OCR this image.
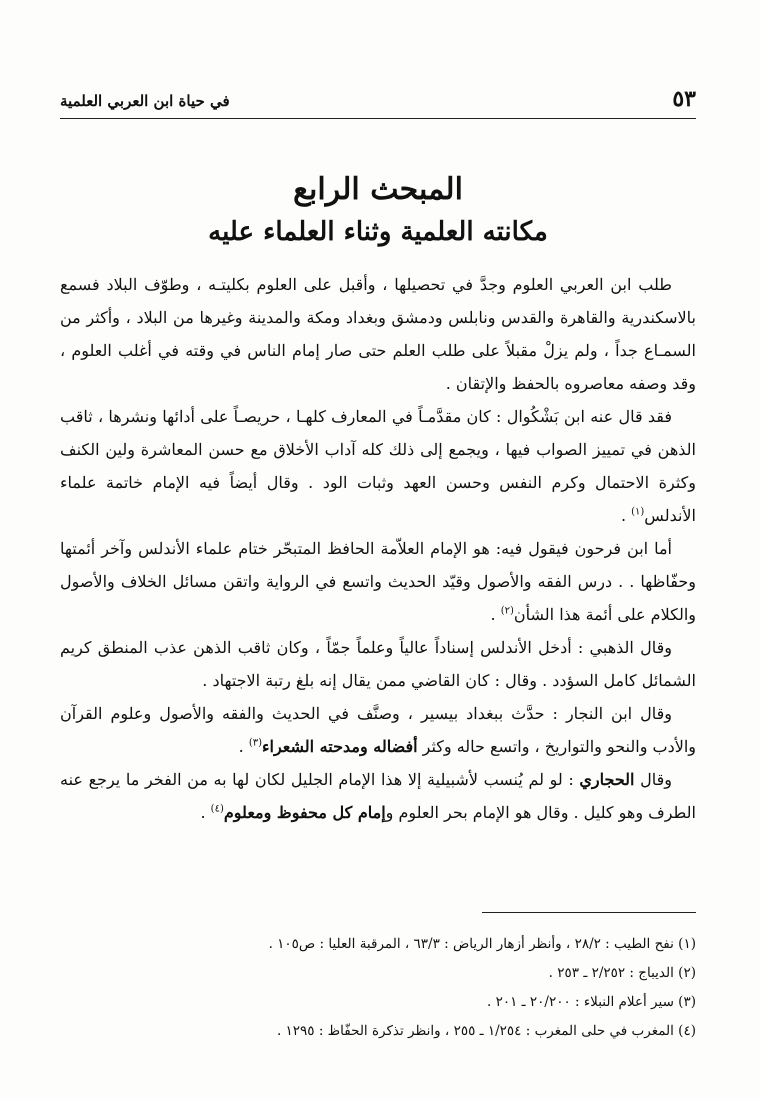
٥٣
في حياة ابن العربي العلمية
المبحث الرابع
مكانته العلمية وثناء العلماء عليه

طلب ابن العربي العلوم وجدَّ في تحصيلها ، وأقبل على العلوم بكليتـه ، وطوّف البلاد فسمع بالاسكندرية والقاهرة والقدس ونابلس ودمشق وبغداد ومكة والمدينة وغيرها من البلاد ، وأكثر من السمـاع جداً ، ولم يزلْ مقبلاً على طلب العلم حتى صار إمام الناس في وقته في أغلب العلوم ، وقد وصفه معاصروه بالحفظ والإتقان .

فقد قال عنه ابن بَشْكُوال : كان مقدَّمـاً في المعارف كلهـا ، حريصـاً على أدائها ونشرها ، ثاقب الذهن في تمييز الصواب فيها ، ويجمع إلى ذلك كله آداب الأخلاق مع حسن المعاشرة ولين الكنف وكثرة الاحتمال وكرم النفس وحسن العهد وثبات الود . وقال أيضاً فيه الإمام خاتمة علماء الأندلس$^{(١)}$ .

أما ابن فرحون فيقول فيه: هو الإمام العلاّمة الحافظ المتبحّر ختام علماء الأندلس وآخر أئمتها وحفّاظها . . درس الفقه والأصول وقيّد الحديث واتسع في الرواية واتقن مسائل الخلاف والأصول والكلام على أئمة هذا الشأن$^{(٢)}$ .

وقال الذهبي : أدخل الأندلس إسناداً عالياً وعلماً جمّاً ، وكان ثاقب الذهن عذب المنطق كريم الشمائل كامل السؤدد . وقال : كان القاضي ممن يقال إنه بلغ رتبة الاجتهاد .

وقال ابن النجار : حدَّث ببغداد بيسير ، وصنَّف في الحديث والفقه والأصول وعلوم القرآن والأدب والنحو والتواريخ ، واتسع حاله وكثر أفضاله ومدحته الشعراء$^{(٣)}$ .

وقال الحجاري : لو لم يُنسب لأشبيلية إلا هذا الإمام الجليل لكان لها به من الفخر ما يرجع عنه الطرف وهو كليل . وقال هو الإمام بحر العلوم وإمام كل محفوظ ومعلوم$^{(٤)}$ .

(١) نفح الطيب : ٢٨/٢ ، وأنظر أزهار الرياض : ٦٣/٣ ، المرقبة العليا : ص١٠٥ .
(٢) الديباج : ٢/٢٥٢ ـ ٢٥٣ .
(٣) سير أعلام النبلاء : ٢٠/٢٠٠ ـ ٢٠١ .
(٤) المغرب في حلى المغرب : ١/٢٥٤ ـ ٢٥٥ ، وانظر تذكرة الحفّاظ : ١٢٩٥ .
